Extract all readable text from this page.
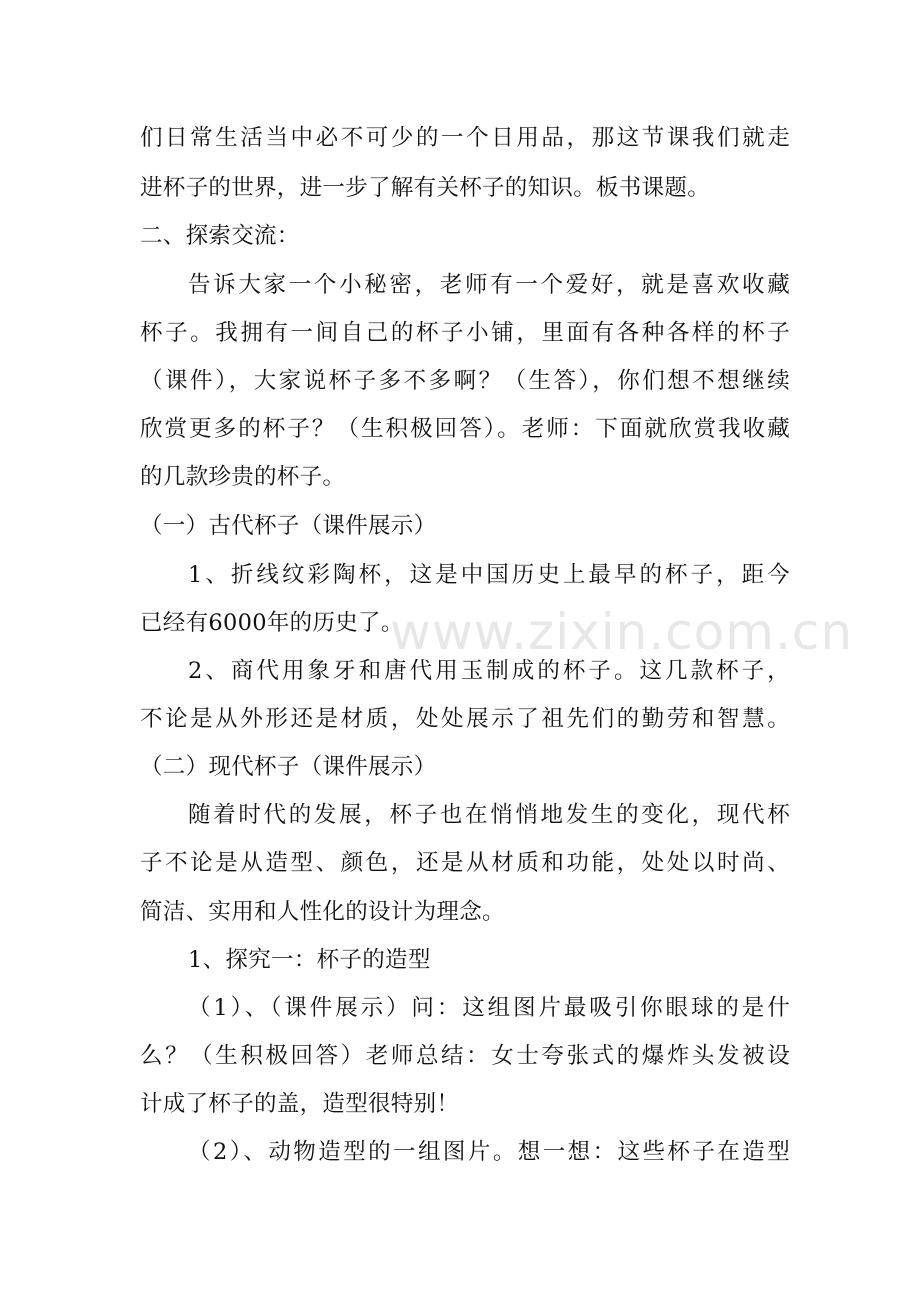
们日常生活当中必不可少的一个日用品，那这节课我们就走
进杯子的世界，进一步了解有关杯子的知识。板书课题。
二、探索交流：
告诉大家一个小秘密，老师有一个爱好，就是喜欢收藏
杯子。我拥有一间自己的杯子小铺，里面有各种各样的杯子
（课件），大家说杯子多不多啊？（生答），你们想不想继续
欣赏更多的杯子？（生积极回答）。老师：下面就欣赏我收藏
的几款珍贵的杯子。
（一）古代杯子（课件展示）
1、折线纹彩陶杯，这是中国历史上最早的杯子，距今
已经有6000年的历史了。
2、商代用象牙和唐代用玉制成的杯子。这几款杯子，
不论是从外形还是材质，处处展示了祖先们的勤劳和智慧。
（二）现代杯子（课件展示）
随着时代的发展，杯子也在悄悄地发生的变化，现代杯
子不论是从造型、颜色，还是从材质和功能，处处以时尚、
简洁、实用和人性化的设计为理念。
1、探究一：杯子的造型
（1）、（课件展示）问：这组图片最吸引你眼球的是什
么？（生积极回答）老师总结：女士夸张式的爆炸头发被设
计成了杯子的盖，造型很特别！
（2）、动物造型的一组图片。想一想：这些杯子在造型
www.zixin.com.cn
